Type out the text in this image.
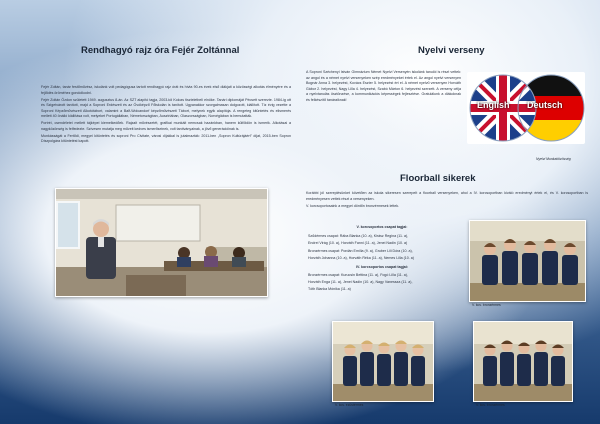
Rendhagyó rajz óra Fejér Zoltánnal

Fejér Zoltán, tanár festőművész, iskolánk volt pedagógusa tartott rendhagyó rajz órát és hívta 90-es évek első diákjait a közösségi alkotás élményére és a fejlődés öröméhez gondolkodni.

Fejér Zoltán Ózdon született 1949. augusztus 8-án. Az SZT alapító tagja, 2003-tól Kolozs tiszteletbeli elnöke. Tanári diplomáját Pécsett szerezte. 1984-ig ott és Szigetvárott tanított, majd a Soproni Erdészeti és az Óvóképző Főiskolán is tanított. Ugyanakkor szorgalmasan dolgozott, kiállított. Tíz évig vezette a Soproni Képzőművészeti Alkotótábort, valamint a Balf-Wolcandorf képzőművészeti Tábort, melynek egyik alapítója. A rengeteg kitüntetés és elismerés mellett 40 önálló kiállítása volt, melyeket Portugáliában, Németországban, Ausztriában, Olaszországban, Norvégiában is bemutatták.

Portréi, csendéletei mellett tájképei kiemelkedőek. Rajzait művészetét, grafikai munkáit nemcsak hazánkban, hanem külföldön is ismerik. Alkotásai a nagyközönség is felfedezte. Szívesen mutatja meg műveit kedves ismerőseinek, volt tanítványainak, a jövő generációinak is.

Munkásságát a Fertődi, megyei kitüntetés és soproni Pro Civitate, városi díjakkal is jutalmazták: 2011-ben „Sopron Kultúrájáért” díjat, 2015-ben Sopron Díszpolgára kitüntetést kapott.

Nyelvi verseny

A Soproni Széchenyi István Gimnázium Német Nyelvi Versenyén iskolánk tanulói is részt vettek: az angol és a német nyelvi versenyeken szép eredményeket értek el. Az angol nyelvi versenyen Bognár Anna 3. helyezést, Kovács Eszter 5. helyezést ért el. A német nyelvű versenyen Horváth Gábor 2. helyezést, Nagy Lilla 4. helyezést, Szabó Márton 6. helyezést szerzett. A verseny célja a nyelvtanulás ösztönzése, a kommunikációs képességek fejlesztése. Gratulálunk a diákoknak és felkészítő tanáraiknak!

English Deutsch
Nyelvi Munkaközösség
Floorball sikerek

Korábbi jól szereplésünket követően az iskola sikeresen szerepelt a floorball versenyeken, ahol a IV. korcsoportban kiváló eredményt értek el, és V. korcsoportban is eredményesen vettek részt a versenyeken.

V. korcsoportosaink a megyei döntőn bronzérmesek lettek.

V. korcsoportos csapat tagjai:

Szűdérmes csapat: Rába Blanka (10. a), Kirász Regina (11. a),

Endrei Virág (10. a), Horváth Fanni (11. a), Jenei Nadin (10. a)

Bronzérmes csapat: Pordán Emília (9. a), Gruber Lili Dóra (10. a),

Horváth Johanna (10. a), Horváth Réka (11. a), Nemes Lilla (10. a)

IV. korcsoportos csapat tagjai:

Bronzérmes csapat: Kurucsin Bettina (11. a), Fogó Lilla (11. a),

Horváth Enga (11. a), Jenei Nadin (10. a), Nagy Vanessza (11. a),

Tóth Blanka Mónika (11. a)

V. kcs. bronzérmes
V. kcs. ezüstérmes	V. kcs. bronzérmes
